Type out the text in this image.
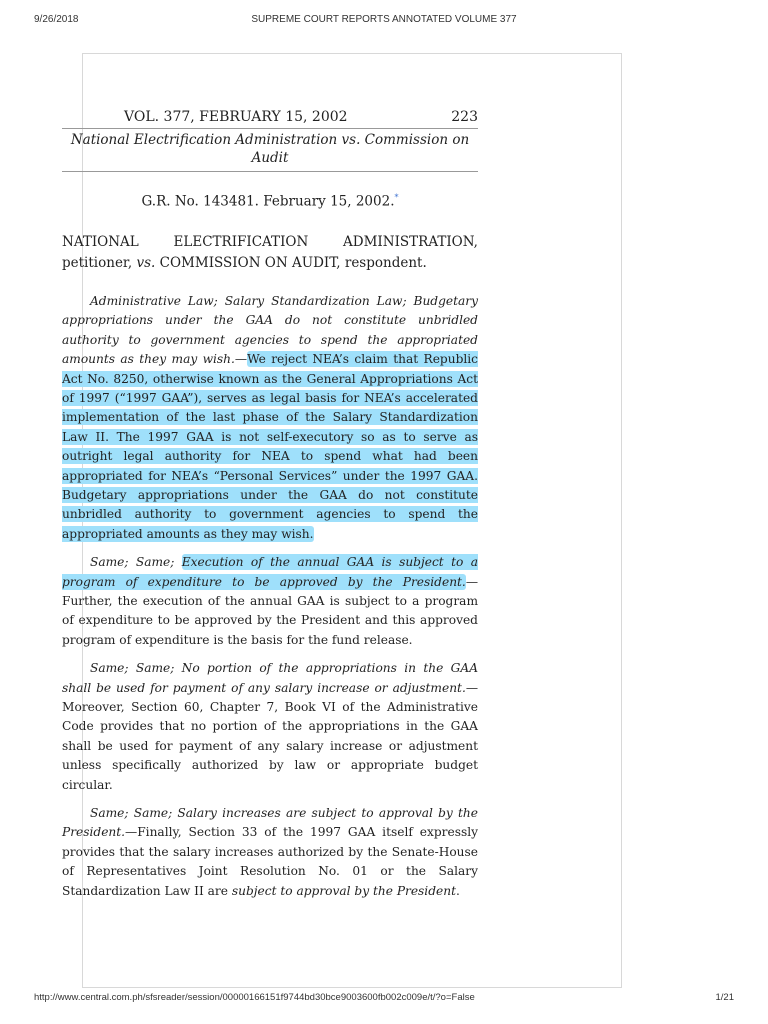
9/26/2018	SUPREME COURT REPORTS ANNOTATED VOLUME 377
VOL. 377, FEBRUARY 15, 2002	223
National Electrification Administration vs. Commission on Audit
G.R. No. 143481. February 15, 2002.*
NATIONAL	ELECTRIFICATION	ADMINISTRATION,
petitioner, vs. COMMISSION ON AUDIT, respondent.

Administrative Law; Salary Standardization Law; Budgetary appropriations under the GAA do not constitute unbridled authority to government agencies to spend the appropriated amounts as they may wish.—We reject NEA’s claim that Republic Act No. 8250, otherwise known as the General Appropriations Act of 1997 (“1997 GAA”), serves as legal basis for NEA’s accelerated implementation of the last phase of the Salary Standardization Law II. The 1997 GAA is not self-executory so as to serve as outright legal authority for NEA to spend what had been appropriated for NEA’s “Personal Services” under the 1997 GAA. Budgetary appropriations under the GAA do not constitute unbridled authority to government agencies to spend the appropriated amounts as they may wish.

Same; Same; Execution of the annual GAA is subject to a program of expenditure to be approved by the President.—Further, the execution of the annual GAA is subject to a program of expenditure to be approved by the President and this approved program of expenditure is the basis for the fund release.

Same; Same; No portion of the appropriations in the GAA shall be used for payment of any salary increase or adjustment.—Moreover, Section 60, Chapter 7, Book VI of the Administrative Code provides that no portion of the appropriations in the GAA shall be used for payment of any salary increase or adjustment unless specifically authorized by law or appropriate budget circular.

Same; Same; Salary increases are subject to approval by the President.—Finally, Section 33 of the 1997 GAA itself expressly provides that the salary increases authorized by the Senate-House of Representatives Joint Resolution No. 01 or the Salary Standardization Law II are subject to approval by the President.

http://www.central.com.ph/sfsreader/session/00000166151f9744bd30bce9003600fb002c009e/t/?o=False	1/21
